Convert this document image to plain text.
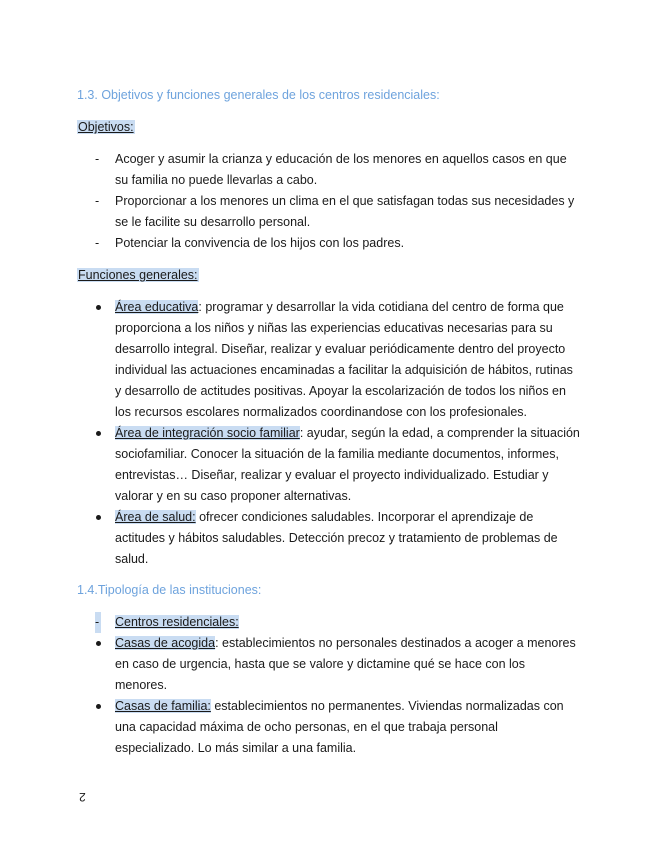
1.3. Objetivos y funciones generales de los centros residenciales:
Objetivos:
- Acoger y asumir la crianza y educación de los menores en aquellos casos en que su familia no puede llevarlas a cabo.
- Proporcionar a los menores un clima en el que satisfagan todas sus necesidades y se le facilite su desarrollo personal.
- Potenciar la convivencia de los hijos con los padres.
Funciones generales:
Área educativa: programar y desarrollar la vida cotidiana del centro de forma que proporciona a los niños y niñas las experiencias educativas necesarias para su desarrollo integral. Diseñar, realizar y evaluar periódicamente dentro del proyecto individual las actuaciones encaminadas a facilitar la adquisición de hábitos, rutinas y desarrollo de actitudes positivas. Apoyar la escolarización de todos los niños en los recursos escolares normalizados coordinandose con los profesionales.
Área de integración socio familiar: ayudar, según la edad, a comprender la situación sociofamiliar. Conocer la situación de la familia mediante documentos, informes, entrevistas… Diseñar, realizar y evaluar el proyecto individualizado. Estudiar y valorar y en su caso proponer alternativas.
Área de salud: ofrecer condiciones saludables. Incorporar el aprendizaje de actitudes y hábitos saludables. Detección precoz y tratamiento de problemas de salud.
1.4.Tipología de las instituciones:
- Centros residenciales:
Casas de acogida: establecimientos no personales destinados a acoger a menores en caso de urgencia, hasta que se valore y dictamine qué se hace con los menores.
Casas de familia: establecimientos no permanentes. Viviendas normalizadas con una capacidad máxima de ocho personas, en el que trabaja personal especializado. Lo más similar a una familia.
2
